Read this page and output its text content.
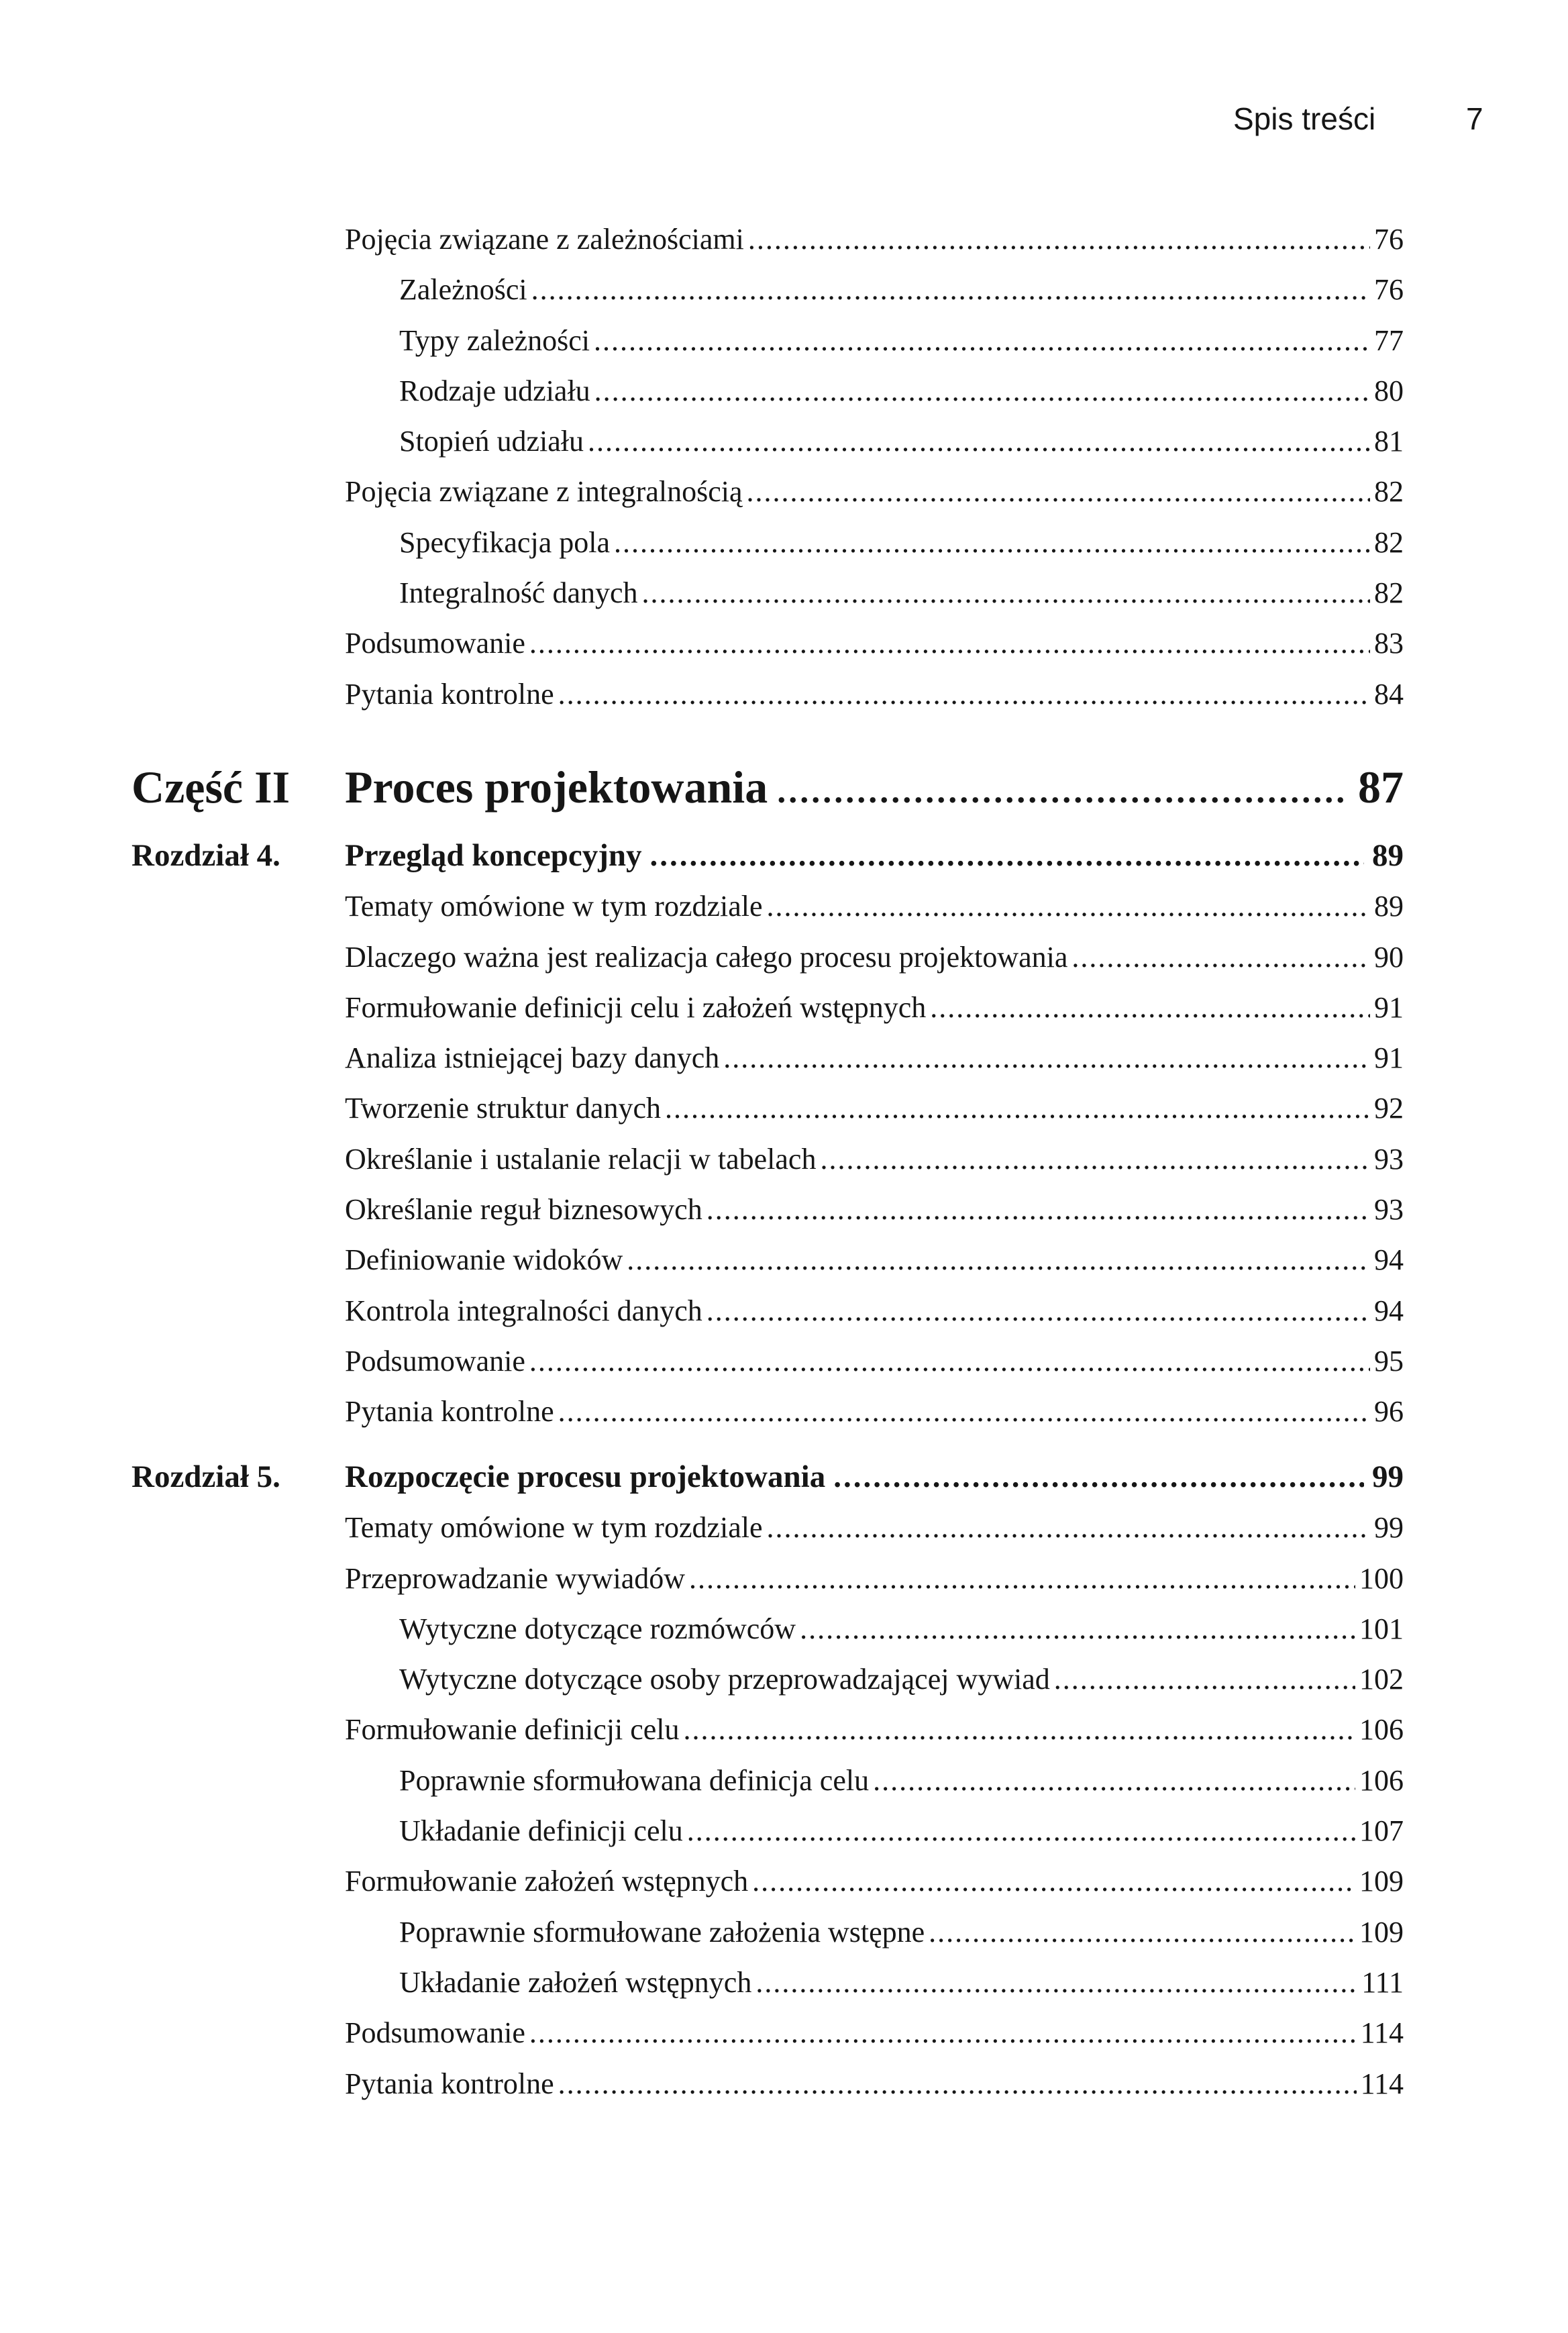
Spis treści	7
Pojęcia związane z zależnościami .....	76
Zależności .....	76
Typy zależności .....	77
Rodzaje udziału .....	80
Stopień udziału .....	81
Pojęcia związane z integralnością .....	82
Specyfikacja pola .....	82
Integralność danych .....	82
Podsumowanie .....	83
Pytania kontrolne .....	84
Część II	Proces projektowania .....	87
Rozdział 4.	Przegląd koncepcyjny .....	89
Tematy omówione w tym rozdziale .....	89
Dlaczego ważna jest realizacja całego procesu projektowania .....	90
Formułowanie definicji celu i założeń wstępnych .....	91
Analiza istniejącej bazy danych .....	91
Tworzenie struktur danych .....	92
Określanie i ustalanie relacji w tabelach .....	93
Określanie reguł biznesowych .....	93
Definiowanie widoków .....	94
Kontrola integralności danych .....	94
Podsumowanie .....	95
Pytania kontrolne .....	96
Rozdział 5.	Rozpoczęcie procesu projektowania .....	99
Tematy omówione w tym rozdziale .....	99
Przeprowadzanie wywiadów .....	100
Wytyczne dotyczące rozmówców .....	101
Wytyczne dotyczące osoby przeprowadzającej wywiad .....	102
Formułowanie definicji celu .....	106
Poprawnie sformułowana definicja celu .....	106
Układanie definicji celu .....	107
Formułowanie założeń wstępnych .....	109
Poprawnie sformułowane założenia wstępne .....	109
Układanie założeń wstępnych .....	111
Podsumowanie .....	114
Pytania kontrolne .....	114
